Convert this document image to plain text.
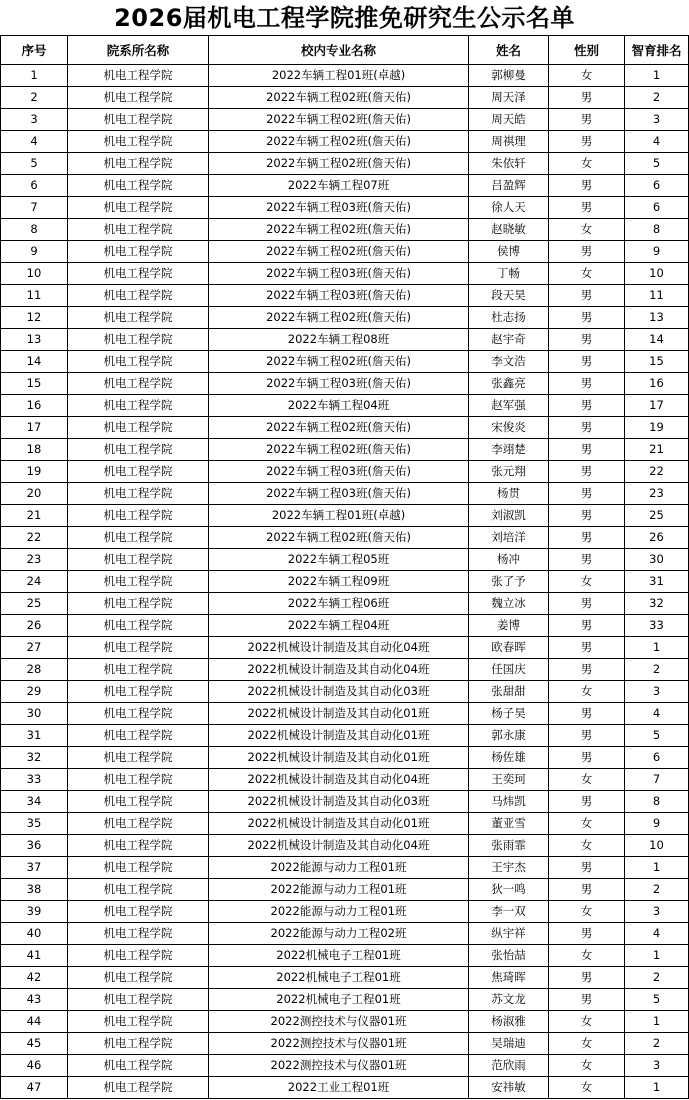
2026届机电工程学院推免研究生公示名单
序号	院系所名称	校内专业名称	姓名	性别	智育排名
1	机电工程学院	2022车辆工程01班(卓越)	郭柳曼	女	1
2	机电工程学院	2022车辆工程02班(詹天佑)	周天泽	男	2
3	机电工程学院	2022车辆工程02班(詹天佑)	周天皓	男	3
4	机电工程学院	2022车辆工程02班(詹天佑)	周祺理	男	4
5	机电工程学院	2022车辆工程02班(詹天佑)	朱依轩	女	5
6	机电工程学院	2022车辆工程07班	吕盈辉	男	6
7	机电工程学院	2022车辆工程03班(詹天佑)	徐人天	男	6
8	机电工程学院	2022车辆工程02班(詹天佑)	赵晓敏	女	8
9	机电工程学院	2022车辆工程02班(詹天佑)	侯博	男	9
10	机电工程学院	2022车辆工程03班(詹天佑)	丁畅	女	10
11	机电工程学院	2022车辆工程03班(詹天佑)	段天昊	男	11
12	机电工程学院	2022车辆工程02班(詹天佑)	杜志扬	男	13
13	机电工程学院	2022车辆工程08班	赵宇奇	男	14
14	机电工程学院	2022车辆工程02班(詹天佑)	李文浩	男	15
15	机电工程学院	2022车辆工程03班(詹天佑)	张鑫亮	男	16
16	机电工程学院	2022车辆工程04班	赵军强	男	17
17	机电工程学院	2022车辆工程02班(詹天佑)	宋俊炎	男	19
18	机电工程学院	2022车辆工程02班(詹天佑)	李翊楚	男	21
19	机电工程学院	2022车辆工程03班(詹天佑)	张元翔	男	22
20	机电工程学院	2022车辆工程03班(詹天佑)	杨贯	男	23
21	机电工程学院	2022车辆工程01班(卓越)	刘淑凯	男	25
22	机电工程学院	2022车辆工程02班(詹天佑)	刘培洋	男	26
23	机电工程学院	2022车辆工程05班	杨冲	男	30
24	机电工程学院	2022车辆工程09班	张了予	女	31
25	机电工程学院	2022车辆工程06班	魏立冰	男	32
26	机电工程学院	2022车辆工程04班	姜博	男	33
27	机电工程学院	2022机械设计制造及其自动化04班	欧春晖	男	1
28	机电工程学院	2022机械设计制造及其自动化04班	任国庆	男	2
29	机电工程学院	2022机械设计制造及其自动化03班	张甜甜	女	3
30	机电工程学院	2022机械设计制造及其自动化01班	杨子昊	男	4
31	机电工程学院	2022机械设计制造及其自动化01班	郭永康	男	5
32	机电工程学院	2022机械设计制造及其自动化01班	杨佐雄	男	6
33	机电工程学院	2022机械设计制造及其自动化04班	王奕珂	女	7
34	机电工程学院	2022机械设计制造及其自动化03班	马炜凯	男	8
35	机电工程学院	2022机械设计制造及其自动化01班	董亚雪	女	9
36	机电工程学院	2022机械设计制造及其自动化04班	张雨霏	女	10
37	机电工程学院	2022能源与动力工程01班	王宇杰	男	1
38	机电工程学院	2022能源与动力工程01班	狄一鸣	男	2
39	机电工程学院	2022能源与动力工程01班	李一双	女	3
40	机电工程学院	2022能源与动力工程02班	纵宇祥	男	4
41	机电工程学院	2022机械电子工程01班	张怡喆	女	1
42	机电工程学院	2022机械电子工程01班	焦琦晖	男	2
43	机电工程学院	2022机械电子工程01班	苏文龙	男	5
44	机电工程学院	2022测控技术与仪器01班	杨淑雅	女	1
45	机电工程学院	2022测控技术与仪器01班	吴瑞迪	女	2
46	机电工程学院	2022测控技术与仪器01班	范欣雨	女	3
47	机电工程学院	2022工业工程01班	安祎敏	女	1
